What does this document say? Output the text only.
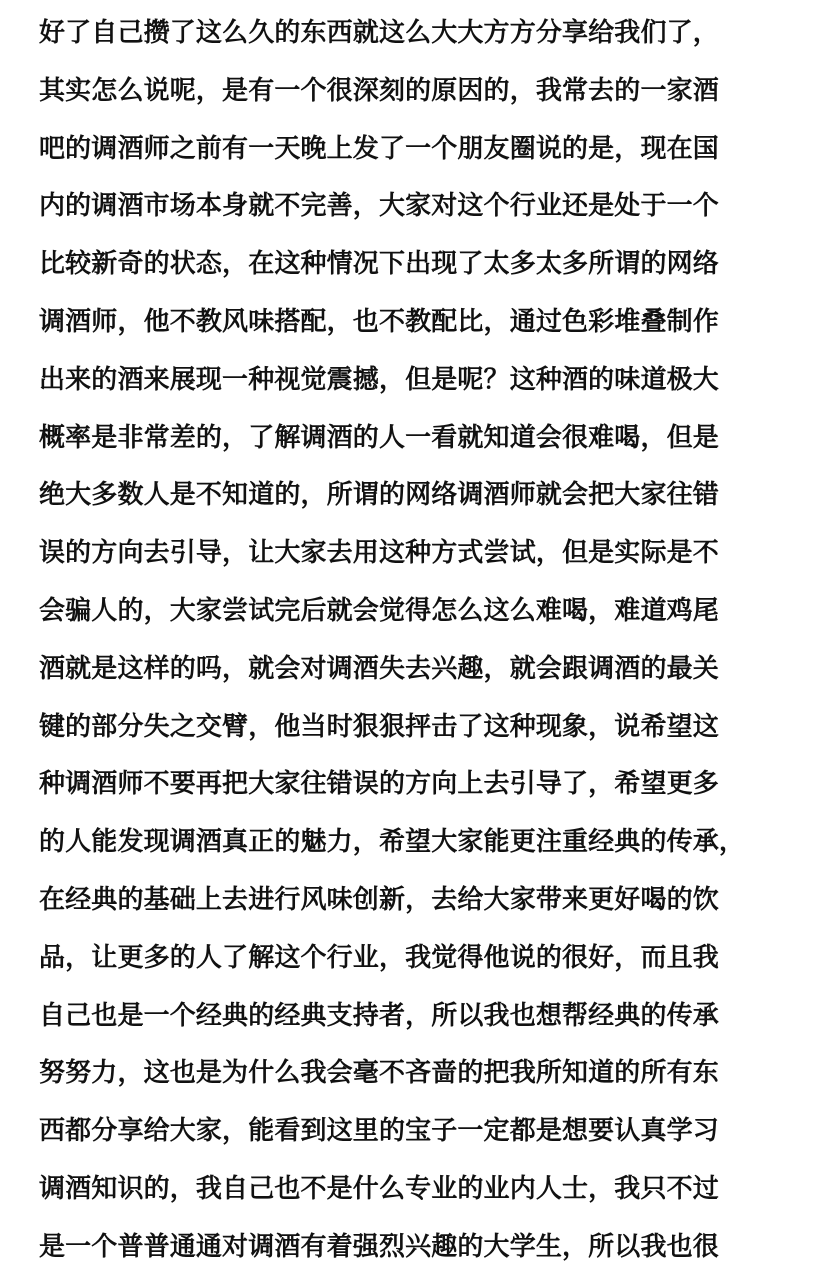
好了自己攒了这么久的东西就这么大大方方分享给我们了，
其实怎么说呢，是有一个很深刻的原因的，我常去的一家酒
吧的调酒师之前有一天晚上发了一个朋友圈说的是，现在国
内的调酒市场本身就不完善，大家对这个行业还是处于一个
比较新奇的状态，在这种情况下出现了太多太多所谓的网络
调酒师，他不教风味搭配，也不教配比，通过色彩堆叠制作
出来的酒来展现一种视觉震撼，但是呢？这种酒的味道极大
概率是非常差的，了解调酒的人一看就知道会很难喝，但是
绝大多数人是不知道的，所谓的网络调酒师就会把大家往错
误的方向去引导，让大家去用这种方式尝试，但是实际是不
会骗人的，大家尝试完后就会觉得怎么这么难喝，难道鸡尾
酒就是这样的吗，就会对调酒失去兴趣，就会跟调酒的最关
键的部分失之交臂，他当时狠狠抨击了这种现象，说希望这
种调酒师不要再把大家往错误的方向上去引导了，希望更多
的人能发现调酒真正的魅力，希望大家能更注重经典的传承，
在经典的基础上去进行风味创新，去给大家带来更好喝的饮
品，让更多的人了解这个行业，我觉得他说的很好，而且我
自己也是一个经典的经典支持者，所以我也想帮经典的传承
努努力，这也是为什么我会毫不吝啬的把我所知道的所有东
西都分享给大家，能看到这里的宝子一定都是想要认真学习
调酒知识的，我自己也不是什么专业的业内人士，我只不过
是一个普普通通对调酒有着强烈兴趣的大学生，所以我也很
